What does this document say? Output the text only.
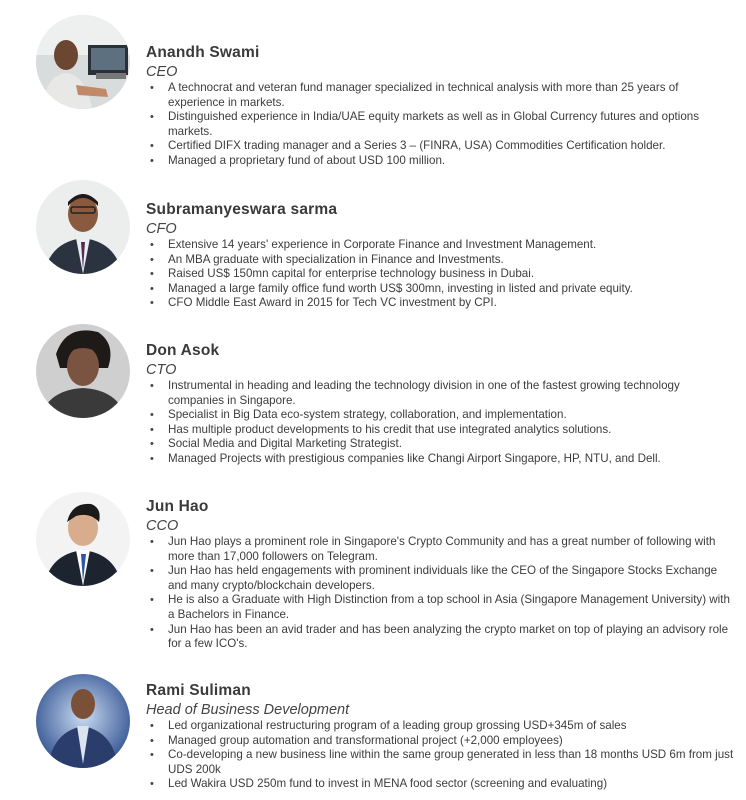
Anandh Swami

CEO

• A technocrat and veteran fund manager specialized in technical analysis with more than 25 years of experience in markets.
• Distinguished experience in India/UAE equity markets as well as in Global Currency futures and options markets.
• Certified DIFX trading manager and a Series 3 – (FINRA, USA) Commodities Certification holder.
• Managed a proprietary fund of about USD 100 million.

Subramanyeswara sarma

CFO

• Extensive 14 years' experience in Corporate Finance and Investment Management.
• An MBA graduate with specialization in Finance and Investments.
• Raised US$ 150mn capital for enterprise technology business in Dubai.
• Managed a large family office fund worth US$ 300mn, investing in listed and private equity.
• CFO Middle East Award in 2015 for Tech VC investment by CPI.

Don Asok

CTO

• Instrumental in heading and leading the technology division in one of the fastest growing technology companies in Singapore.
• Specialist in Big Data eco-system strategy, collaboration, and implementation.
• Has multiple product developments to his credit that use integrated analytics solutions.
• Social Media and Digital Marketing Strategist.
• Managed Projects with prestigious companies like Changi Airport Singapore, HP, NTU, and Dell.

Jun Hao

CCO

• Jun Hao plays a prominent role in Singapore's Crypto Community and has a great number of following with more than 17,000 followers on Telegram.
• Jun Hao has held engagements with prominent individuals like the CEO of the Singapore Stocks Exchange and many crypto/blockchain developers.
• He is also a Graduate with High Distinction from a top school in Asia (Singapore Management University) with a Bachelors in Finance.
• Jun Hao has been an avid trader and has been analyzing the crypto market on top of playing an advisory role for a few ICO's.

Rami Suliman

Head of Business Development

• Led organizational restructuring program of a leading group grossing USD+345m of sales
• Managed group automation and transformational project (+2,000 employees)
• Co-developing a new business line within the same group generated in less than 18 months USD 6m from just UDS 200k
• Led Wakira USD 250m fund to invest in MENA food sector (screening and evaluating)
